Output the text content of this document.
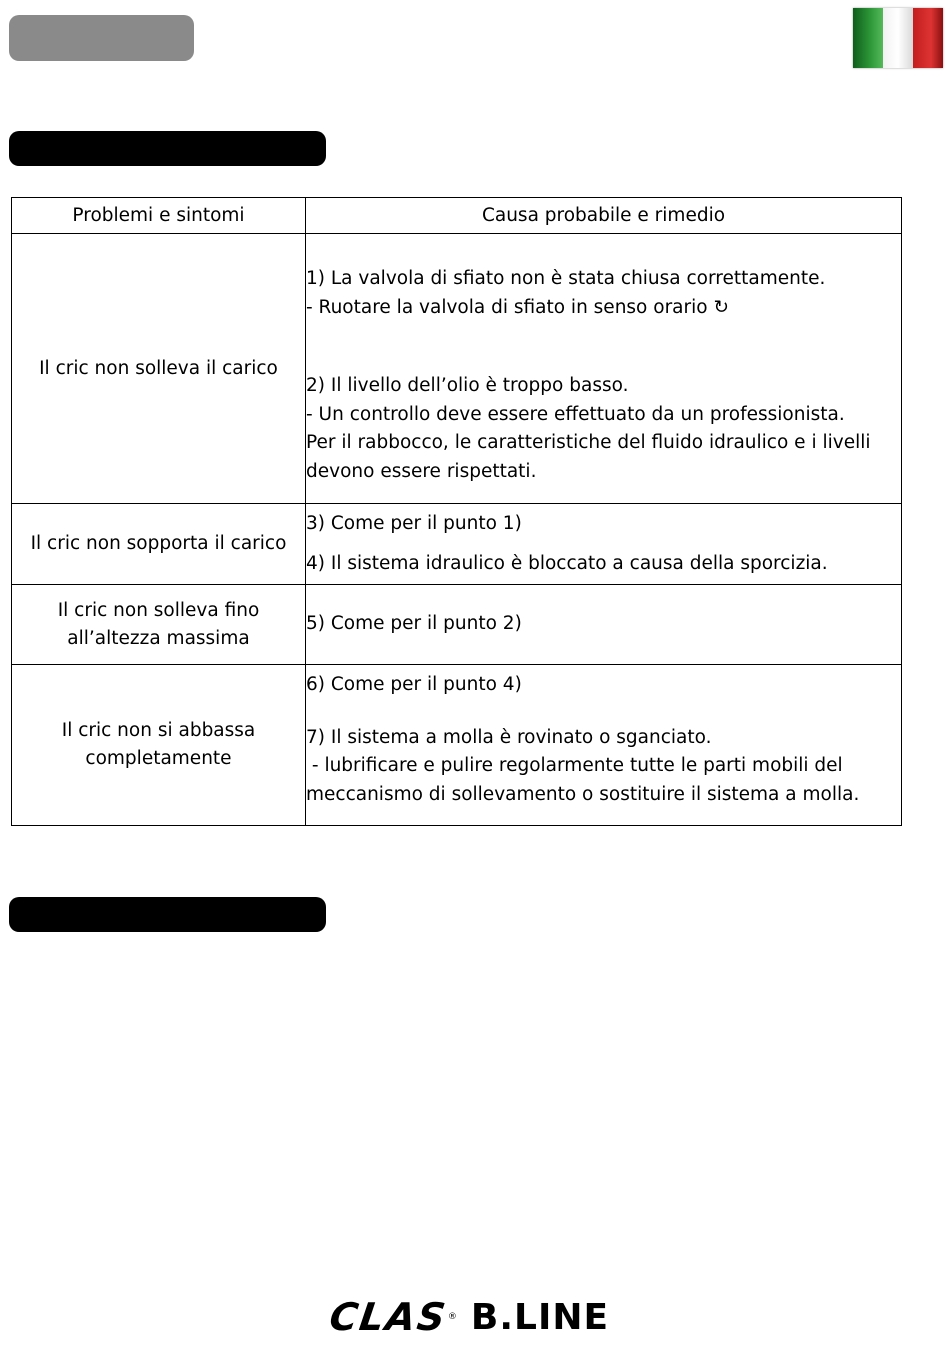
Problemi e sintomi	Causa probabile e rimedio
Il cric non solleva il carico	1) La valvola di sfiato non è stata chiusa correttamente.

- Ruotare la valvola di sfiato in senso orario ↻

2) Il livello dell’olio è troppo basso.

- Un controllo deve essere effettuato da un professionista.

Per il rabbocco, le caratteristiche del fluido idraulico e i livelli devono essere rispettati.

Il cric non sopporta il carico	3) Come per il punto 1)

4) Il sistema idraulico è bloccato a causa della sporcizia.

Il cric non solleva fino all’altezza massima	5) Come per il punto 2)

Il cric non si abbassa completamente	6) Come per il punto 4)

7) Il sistema a molla è rovinato o sganciato.

- lubrificare e pulire regolarmente tutte le parti mobili del meccanismo di sollevamento o sostituire il sistema a molla.

CLAS
® B.LINE
